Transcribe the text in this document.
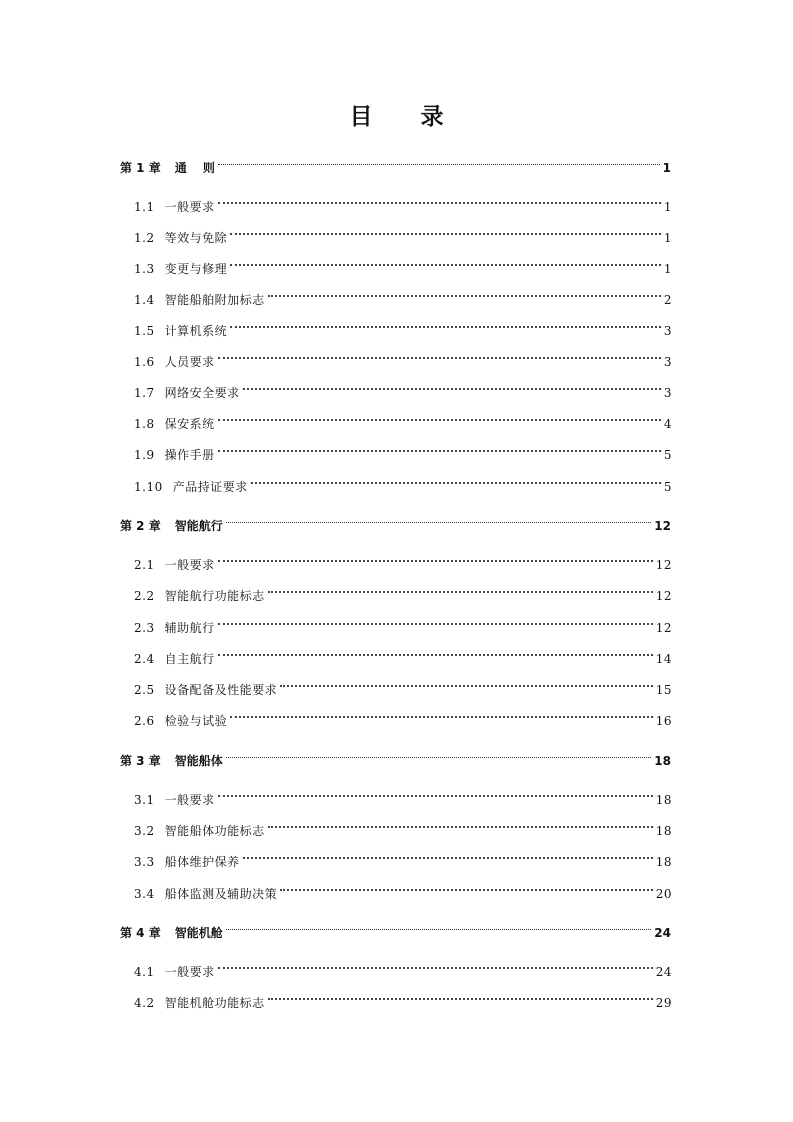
目 录
第 1 章 通　 则	1
1.1 一般要求	1
1.2 等效与免除	1
1.3 变更与修理	1
1.4 智能船舶附加标志	2
1.5 计算机系统	3
1.6 人员要求	3
1.7 网络安全要求	3
1.8 保安系统	4
1.9 操作手册	5
1.10 产品持证要求	5
第 2 章 智能航行	12
2.1 一般要求	12
2.2 智能航行功能标志	12
2.3 辅助航行	12
2.4 自主航行	14
2.5 设备配备及性能要求	15
2.6 检验与试验	16
第 3 章 智能船体	18
3.1 一般要求	18
3.2 智能船体功能标志	18
3.3 船体维护保养	18
3.4 船体监测及辅助决策	20
第 4 章 智能机舱	24
4.1 一般要求	24
4.2 智能机舱功能标志	29
